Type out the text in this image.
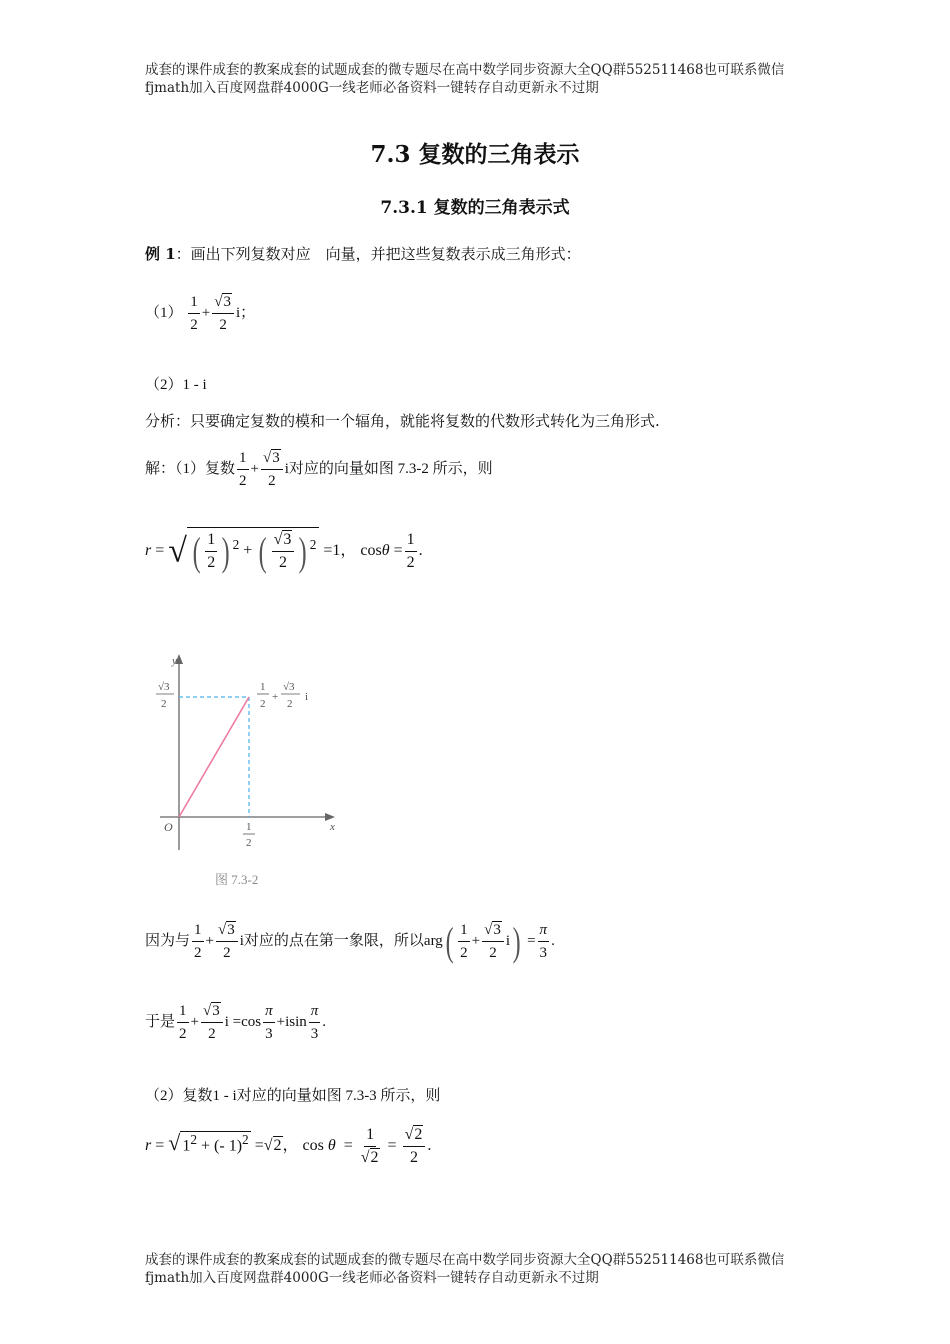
成套的课件成套的教案成套的试题成套的微专题尽在高中数学同步资源大全QQ群552511468也可联系微信fjmath加入百度网盘群4000G一线老师必备资料一键转存自动更新永不过期
7.3 复数的三角表示
7.3.1 复数的三角表示式
例 1：画出下列复数对应　向量，并把这些复数表示成三角形式：
$(1) \frac{1}{2} + \frac{√3}{2}$ i；
（2）1 - i
分析：只要确定复数的模和一个辐角，就能将复数的代数形式转化为三角形式.
解：（1）复数 $\frac{1}{2} + \frac{√3}{2}$ i对应的向量如图 7.3-2 所示，则
r = √ ( $\frac{1}{2}$ ) $^2$ + ( $\frac{√3}{2}$ ) $^2$ =1， $\cos\theta = \frac{1}{2}$ .
y
x
O
√3
2
1
2
1
2
+
√3
2
i
图 7.3-2
因为与 $\frac{1}{2} + \frac{√3}{2}$ i对应的点在第一象限，所以$arg( \frac{1}{2} + \frac{√3}{2} i) = \frac{\pi}{3}$ .
于是 $\frac{1}{2} + \frac{√3}{2}$ $i =\cos \frac{\pi}{3} +isin \frac{\pi}{3}$ .
（2）复数1 - i对应的向量如图 7.3-3 所示，则
r = √ $1^2$ + (- 1)$^2$ =√2， $\cos \theta = \frac{1}{√2} = \frac{√2}{2}$ .
成套的课件成套的教案成套的试题成套的微专题尽在高中数学同步资源大全QQ群552511468也可联系微信fjmath加入百度网盘群4000G一线老师必备资料一键转存自动更新永不过期
